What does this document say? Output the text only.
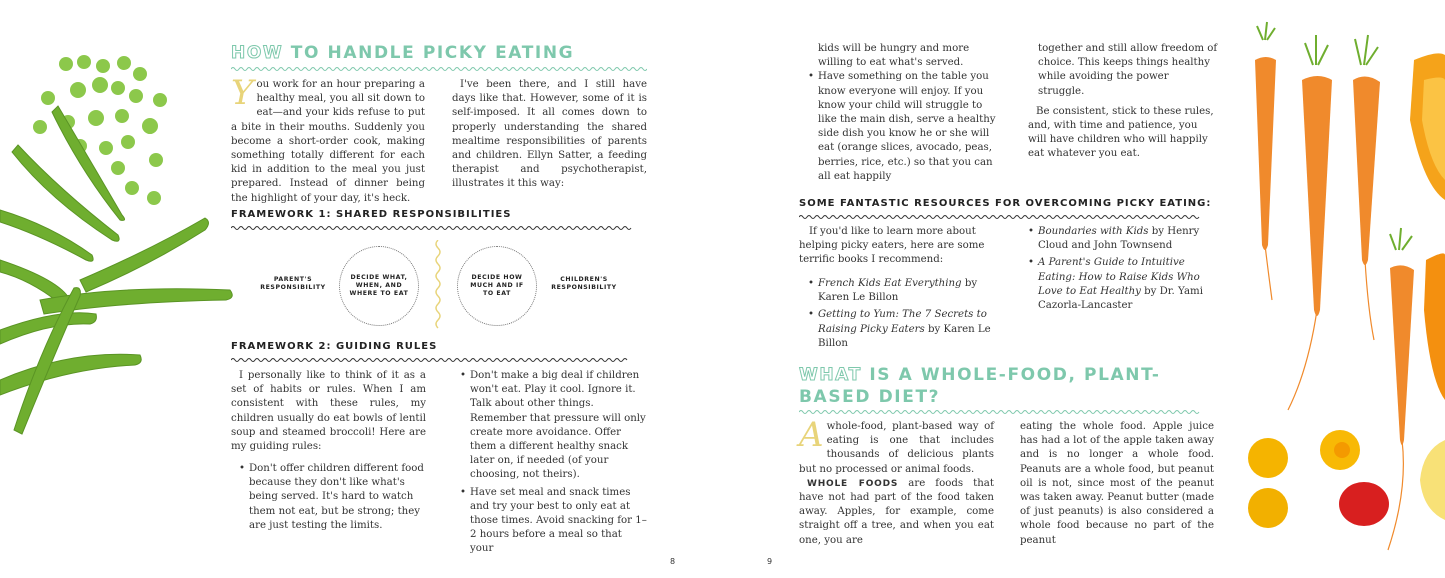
HOW TO HANDLE PICKY EATING
You work for an hour preparing a healthy meal, you all sit down to eat—and your kids refuse to put a bite in their mouths. Suddenly you become a short-order cook, making something totally different for each kid in addition to the meal you just prepared. Instead of dinner being the highlight of your day, it's heck.
I've been there, and I still have days like that. However, some of it is self-imposed. It all comes down to properly understanding the shared mealtime responsibilities of parents and children. Ellyn Satter, a feeding therapist and psychotherapist, illustrates it this way:
FRAMEWORK 1: SHARED RESPONSIBILITIES
PARENT'S RESPONSIBILITY
DECIDE WHAT, WHEN, AND WHERE TO EAT
DECIDE HOW MUCH AND IF TO EAT
CHILDREN'S RESPONSIBILITY
FRAMEWORK 2: GUIDING RULES
I personally like to think of it as a set of habits or rules. When I am consistent with these rules, my children usually do eat bowls of lentil soup and steamed broccoli! Here are my guiding rules:
• Don't offer children different food because they don't like what's being served. It's hard to watch them not eat, but be strong; they are just testing the limits.
• Don't make a big deal if children won't eat. Play it cool. Ignore it. Talk about other things. Remember that pressure will only create more avoidance. Offer them a different healthy snack later on, if needed (of your choosing, not theirs).
• Have set meal and snack times and try your best to only eat at those times. Avoid snacking for 1–2 hours before a meal so that your
8
kids will be hungry and more willing to eat what's served.
• Have something on the table you know everyone will enjoy. If you know your child will struggle to like the main dish, serve a healthy side dish you know he or she will eat (orange slices, avocado, peas, berries, rice, etc.) so that you can all eat happily
together and still allow freedom of choice. This keeps things healthy while avoiding the power struggle.
Be consistent, stick to these rules, and, with time and patience, you will have children who will happily eat whatever you eat.
SOME FANTASTIC RESOURCES FOR OVERCOMING PICKY EATING:
If you'd like to learn more about helping picky eaters, here are some terrific books I recommend:
• French Kids Eat Everything by Karen Le Billon
• Getting to Yum: The 7 Secrets to Raising Picky Eaters by Karen Le Billon
• Boundaries with Kids by Henry Cloud and John Townsend
• A Parent's Guide to Intuitive Eating: How to Raise Kids Who Love to Eat Healthy by Dr. Yami Cazorla-Lancaster
WHAT IS A WHOLE-FOOD, PLANT-BASED DIET?
A whole-food, plant-based way of eating is one that includes thousands of delicious plants but no processed or animal foods.
WHOLE FOODS are foods that have not had part of the food taken away. Apples, for example, come straight off a tree, and when you eat one, you are
eating the whole food. Apple juice has had a lot of the apple taken away and is no longer a whole food. Peanuts are a whole food, but peanut oil is not, since most of the peanut was taken away. Peanut butter (made of just peanuts) is also considered a whole food because no part of the peanut
9
